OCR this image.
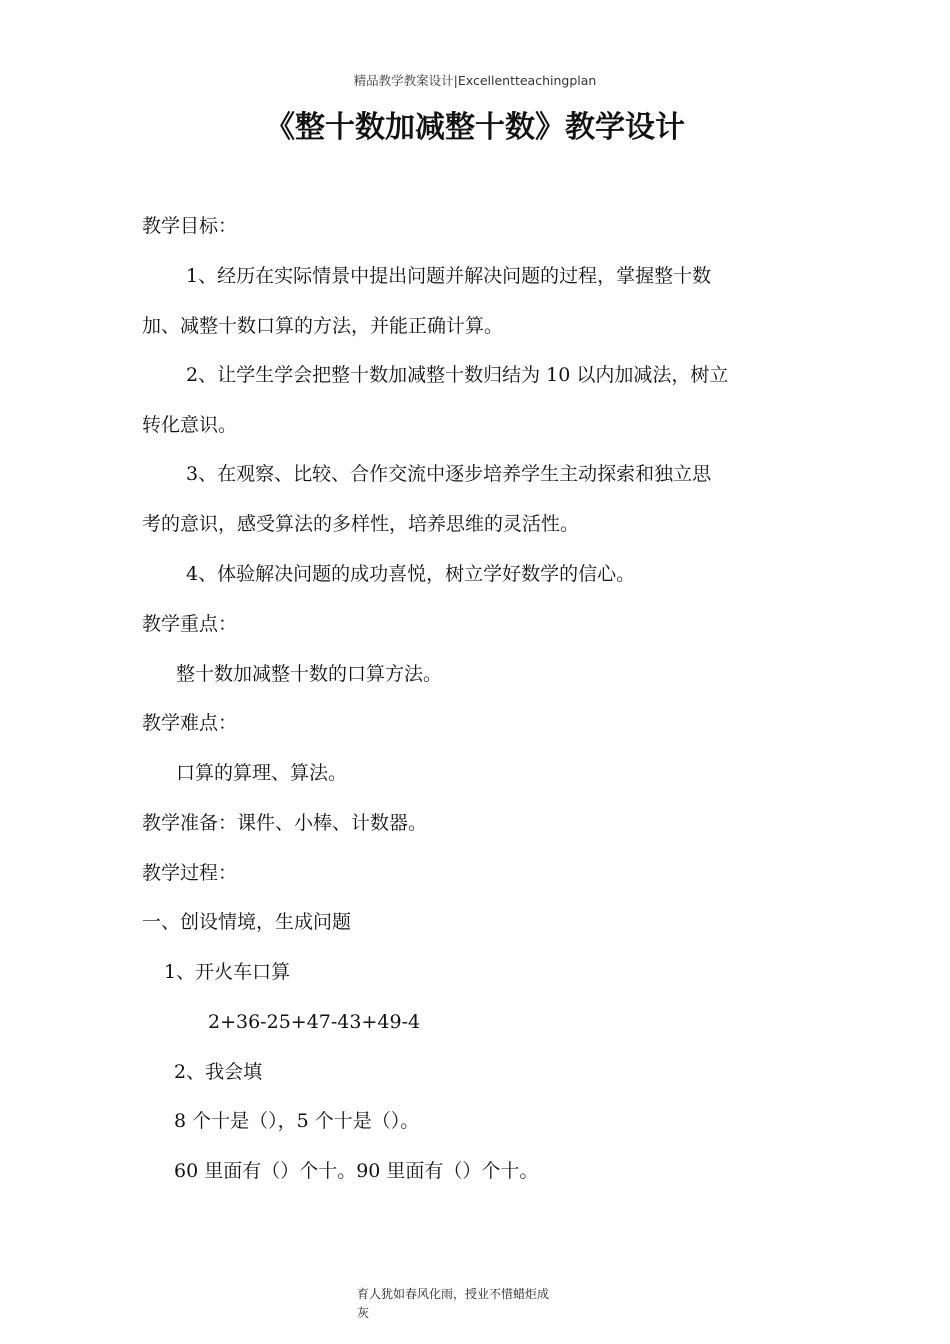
精品教学教案设计|Excellentteachingplan
《整十数加减整十数》教学设计
教学目标：
1、经历在实际情景中提出问题并解决问题的过程，掌握整十数
加、减整十数口算的方法，并能正确计算。
2、让学生学会把整十数加减整十数归结为 10 以内加减法，树立
转化意识。
3、在观察、比较、合作交流中逐步培养学生主动探索和独立思
考的意识，感受算法的多样性，培养思维的灵活性。
4、体验解决问题的成功喜悦，树立学好数学的信心。
教学重点：
整十数加减整十数的口算方法。
教学难点：
口算的算理、算法。
教学准备：课件、小棒、计数器。
教学过程：
一、创设情境，生成问题
1、开火车口算
2+36-25+47-43+49-4
2、我会填
8 个十是（），5 个十是（）。
60 里面有（）个十。90 里面有（）个十。
育人犹如春风化雨，授业不惜蜡炬成
灰
